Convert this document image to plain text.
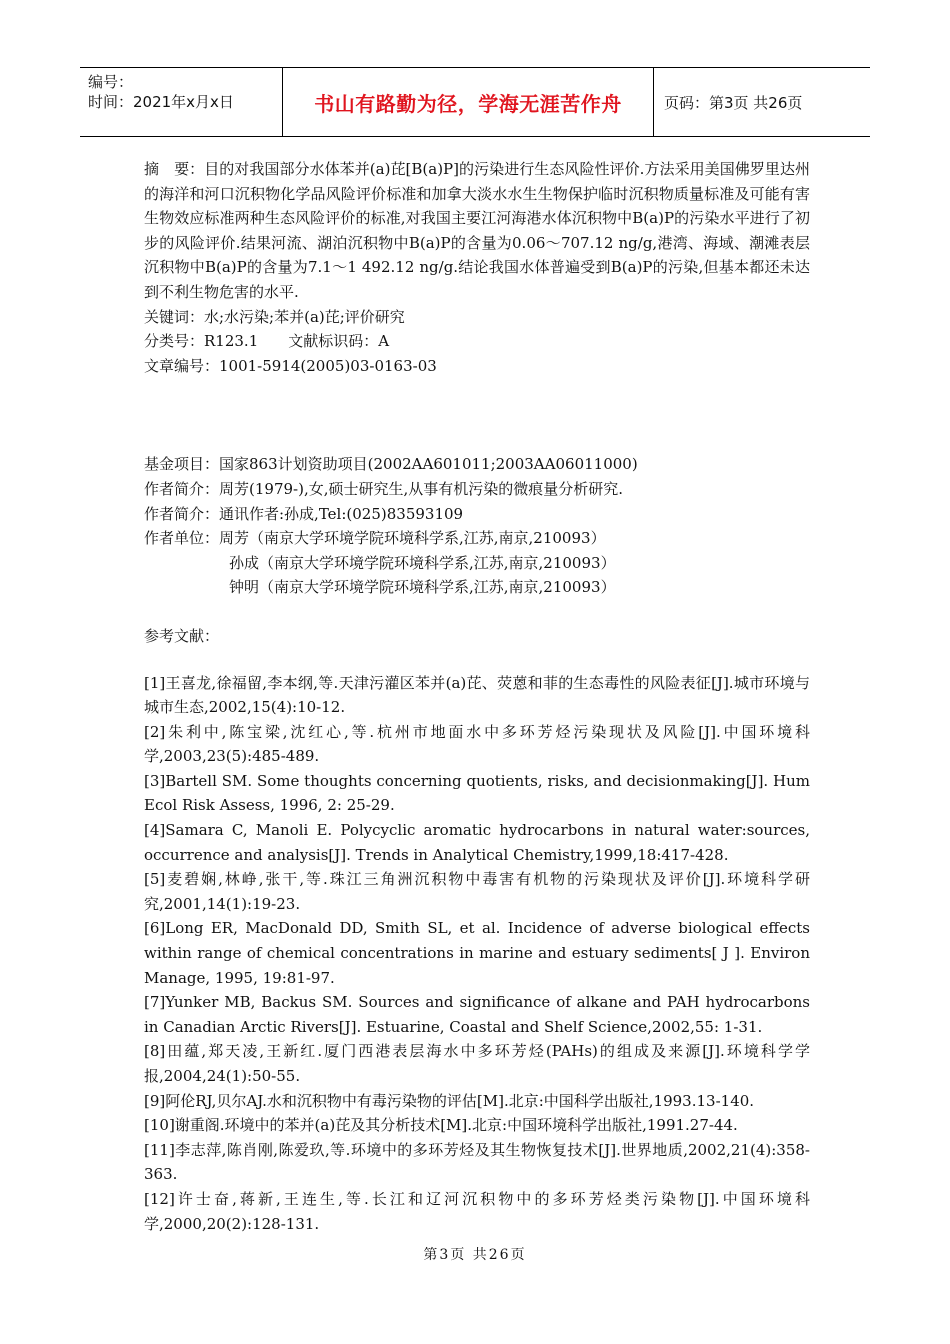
编号：
时间：2021年x月x日	书山有路勤为径，学海无涯苦作舟	页码：第3页 共26页

摘　要：目的对我国部分水体苯并(a)芘[B(a)P]的污染进行生态风险性评价.方法采用美国佛罗里达州的海洋和河口沉积物化学品风险评价标准和加拿大淡水水生生物保护临时沉积物质量标准及可能有害生物效应标准两种生态风险评价的标准,对我国主要江河海港水体沉积物中B(a)P的污染水平进行了初步的风险评价.结果河流、湖泊沉积物中B(a)P的含量为0.06～707.12 ng/g,港湾、海域、潮滩表层沉积物中B(a)P的含量为7.1～1 492.12 ng/g.结论我国水体普遍受到B(a)P的污染,但基本都还未达到不利生物危害的水平.

关键词：水;水污染;苯并(a)芘;评价研究

分类号：R123.1　　文献标识码：A

文章编号：1001-5914(2005)03-0163-03

基金项目：国家863计划资助项目(2002AA601011;2003AA06011000)

作者简介：周芳(1979-),女,硕士研究生,从事有机污染的微痕量分析研究.

作者简介：通讯作者:孙成,Tel:(025)83593109

作者单位：周芳（南京大学环境学院环境科学系,江苏,南京,210093）

孙成（南京大学环境学院环境科学系,江苏,南京,210093）

钟明（南京大学环境学院环境科学系,江苏,南京,210093）

参考文献：

[1]王喜龙,徐福留,李本纲,等.天津污灌区苯并(a)芘、荧蒽和菲的生态毒性的风险表征[J].城市环境与城市生态,2002,15(4):10-12.

[2]朱利中,陈宝梁,沈红心,等.杭州市地面水中多环芳烃污染现状及风险[J].中国环境科学,2003,23(5):485-489.

[3]Bartell SM. Some thoughts concerning quotients, risks, and decisionmaking[J]. Hum Ecol Risk Assess, 1996, 2: 25-29.

[4]Samara C, Manoli E. Polycyclic aromatic hydrocarbons in natural water:sources, occurrence and analysis[J]. Trends in Analytical Chemistry,1999,18:417-428.

[5]麦碧娴,林峥,张干,等.珠江三角洲沉积物中毒害有机物的污染现状及评价[J].环境科学研究,2001,14(1):19-23.

[6]Long ER, MacDonald DD, Smith SL, et al. Incidence of adverse biological effects within range of chemical concentrations in marine and estuary sediments[ J ]. Environ Manage, 1995, 19:81-97.

[7]Yunker MB, Backus SM. Sources and significance of alkane and PAH hydrocarbons in Canadian Arctic Rivers[J]. Estuarine, Coastal and Shelf Science,2002,55: 1-31.

[8]田蕴,郑天凌,王新红.厦门西港表层海水中多环芳烃(PAHs)的组成及来源[J].环境科学学报,2004,24(1):50-55.

[9]阿伦RJ,贝尔AJ.水和沉积物中有毒污染物的评估[M].北京:中国科学出版社,1993.13-140.

[10]谢重阁.环境中的苯并(a)芘及其分析技术[M].北京:中国环境科学出版社,1991.27-44.

[11]李志萍,陈肖刚,陈爱玖,等.环境中的多环芳烃及其生物恢复技术[J].世界地质,2002,21(4):358-363.

[12]许士奋,蒋新,王连生,等.长江和辽河沉积物中的多环芳烃类污染物[J].中国环境科学,2000,20(2):128-131.

第3页 共26页
